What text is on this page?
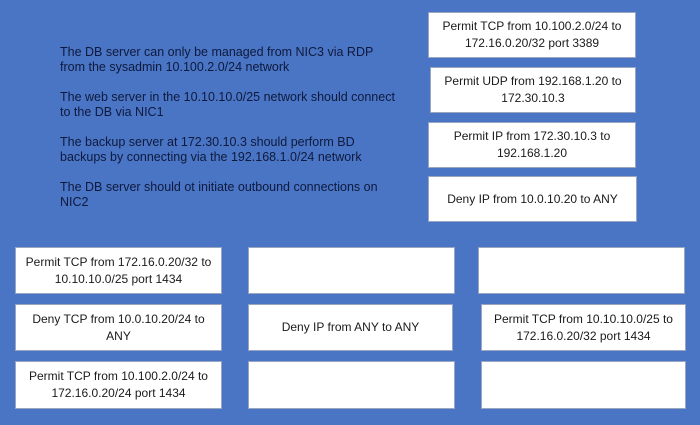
The DB server can only be managed from NIC3 via RDP from the sysadmin 10.100.2.0/24 network

The web server in the 10.10.10.0/25 network should connect to the DB via NIC1

The backup server at 172.30.10.3 should perform BD backups by connecting via the 192.168.1.0/24 network

The DB server should ot initiate outbound connections on NIC2

Permit TCP from 10.100.2.0/24 to 172.16.0.20/32 port 3389
Permit UDP from 192.168.1.20 to 172.30.10.3
Permit IP from 172.30.10.3 to 192.168.1.20
Deny IP from 10.0.10.20 to ANY
Permit TCP from 172.16.0.20/32 to 10.10.10.0/25 port 1434
Deny TCP from 10.0.10.20/24 to ANY
Deny IP from ANY to ANY
Permit TCP from 10.10.10.0/25 to 172.16.0.20/32 port 1434
Permit TCP from 10.100.2.0/24 to 172.16.0.20/24 port 1434
